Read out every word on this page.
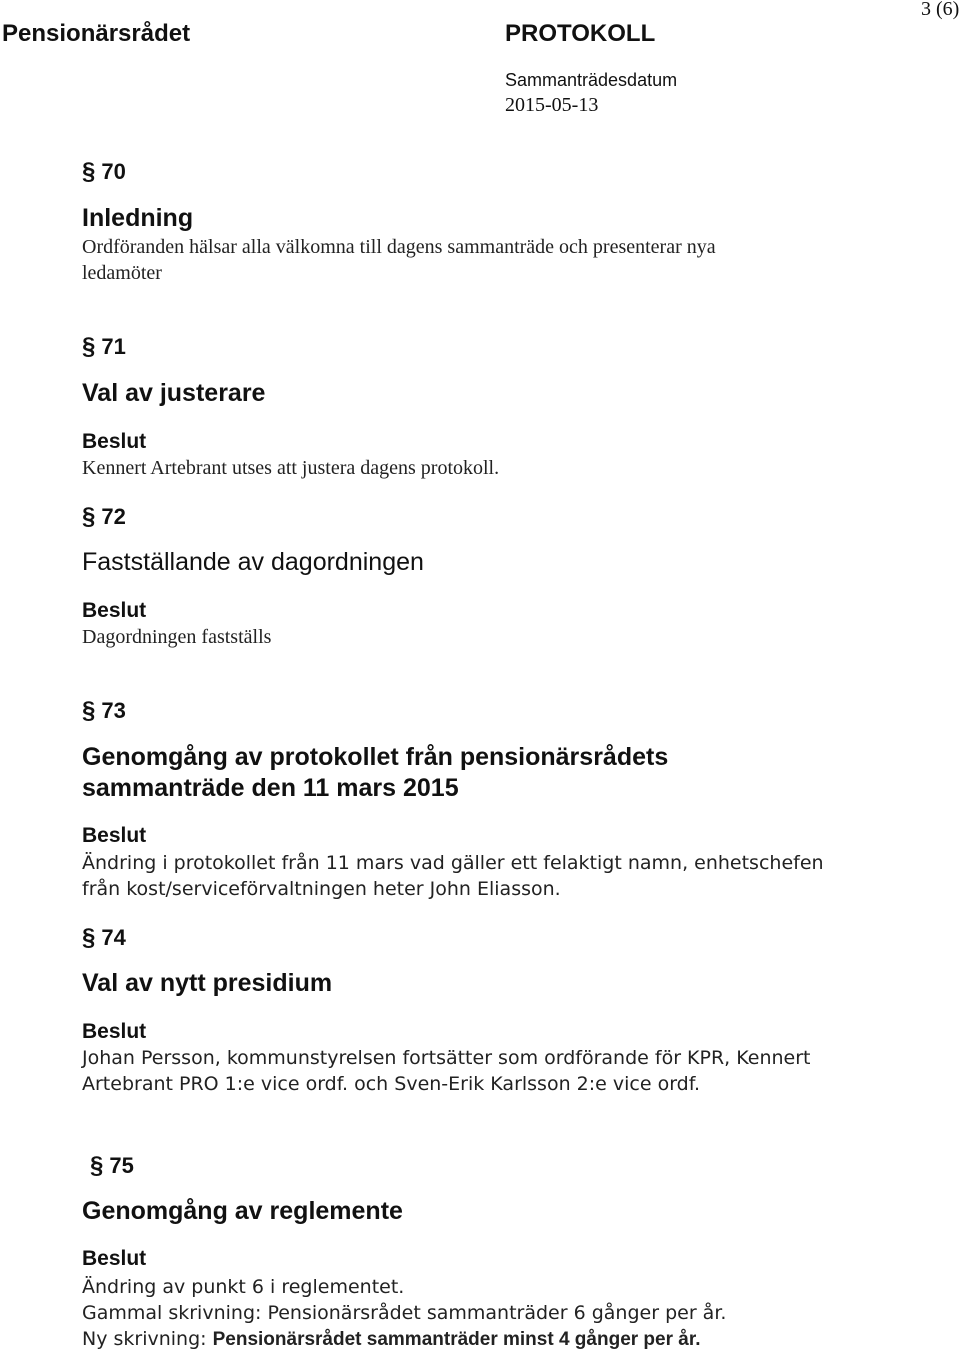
Pensionärsrådet	PROTOKOLL
3 (6)
Sammanträdesdatum
2015-05-13
§ 70
Inledning
Ordföranden hälsar alla välkomna till dagens sammanträde och presenterar nya
ledamöter
§ 71
Val av justerare
Beslut
Kennert Artebrant utses att justera dagens protokoll.
§ 72
Fastställande av dagordningen
Beslut
Dagordningen fastställs
§ 73
Genomgång av protokollet från pensionärsrådets
sammanträde den 11 mars 2015
Beslut
Ändring i protokollet från 11 mars vad gäller ett felaktigt namn, enhetschefen
från kost/serviceförvaltningen heter John Eliasson.
§ 74
Val av nytt presidium
Beslut
Johan Persson, kommunstyrelsen fortsätter som ordförande för KPR, Kennert
Artebrant PRO 1:e vice ordf. och Sven-Erik Karlsson 2:e vice ordf.
§ 75
Genomgång av reglemente
Beslut
Ändring av punkt 6 i reglementet.
Gammal skrivning: Pensionärsrådet sammanträder 6 gånger per år.
Ny skrivning: Pensionärsrådet sammanträder minst 4 gånger per år.
